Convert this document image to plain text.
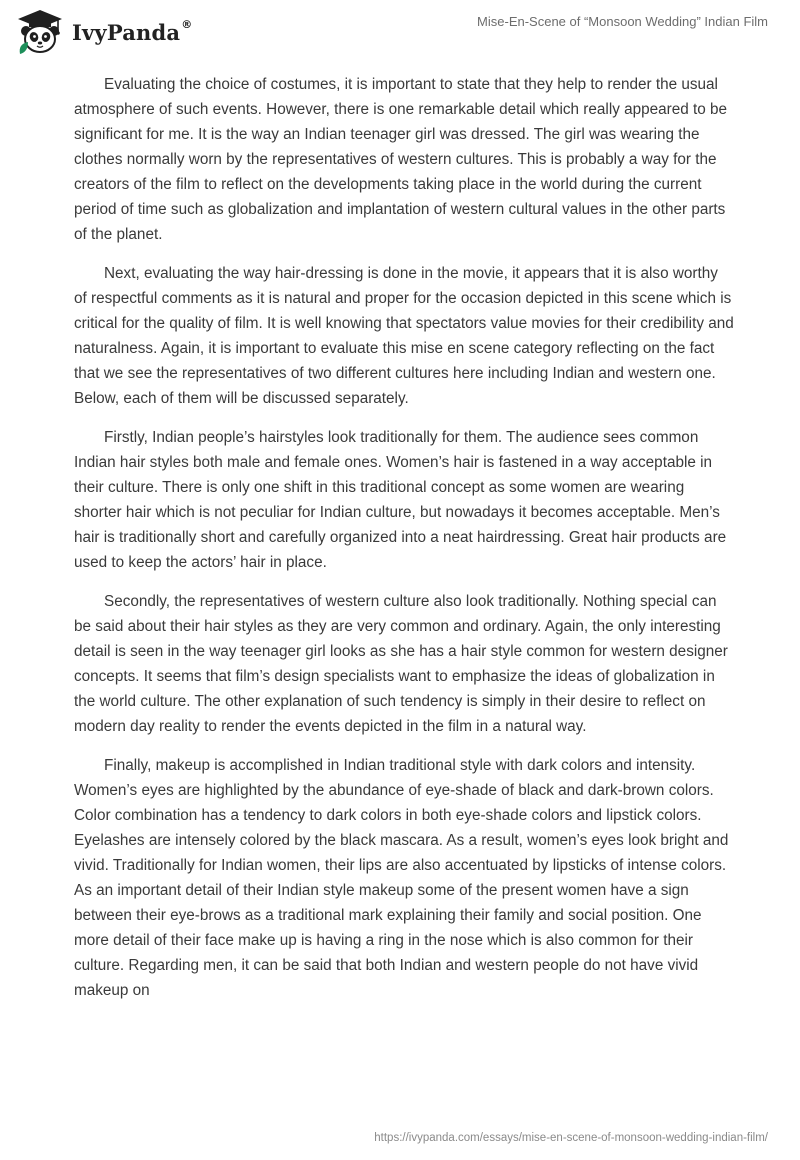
IvyPanda ®	Mise-En-Scene of “Monsoon Wedding” Indian Film

Evaluating the choice of costumes, it is important to state that they help to render the usual atmosphere of such events. However, there is one remarkable detail which really appeared to be significant for me. It is the way an Indian teenager girl was dressed. The girl was wearing the clothes normally worn by the representatives of western cultures. This is probably a way for the creators of the film to reflect on the developments taking place in the world during the current period of time such as globalization and implantation of western cultural values in the other parts of the planet.

Next, evaluating the way hair-dressing is done in the movie, it appears that it is also worthy of respectful comments as it is natural and proper for the occasion depicted in this scene which is critical for the quality of film. It is well knowing that spectators value movies for their credibility and naturalness. Again, it is important to evaluate this mise en scene category reflecting on the fact that we see the representatives of two different cultures here including Indian and western one. Below, each of them will be discussed separately.

Firstly, Indian people’s hairstyles look traditionally for them. The audience sees common Indian hair styles both male and female ones. Women’s hair is fastened in a way acceptable in their culture. There is only one shift in this traditional concept as some women are wearing shorter hair which is not peculiar for Indian culture, but nowadays it becomes acceptable. Men’s hair is traditionally short and carefully organized into a neat hairdressing. Great hair products are used to keep the actors’ hair in place.

Secondly, the representatives of western culture also look traditionally. Nothing special can be said about their hair styles as they are very common and ordinary. Again, the only interesting detail is seen in the way teenager girl looks as she has a hair style common for western designer concepts. It seems that film’s design specialists want to emphasize the ideas of globalization in the world culture. The other explanation of such tendency is simply in their desire to reflect on modern day reality to render the events depicted in the film in a natural way.

Finally, makeup is accomplished in Indian traditional style with dark colors and intensity. Women’s eyes are highlighted by the abundance of eye-shade of black and dark-brown colors. Color combination has a tendency to dark colors in both eye-shade colors and lipstick colors. Eyelashes are intensely colored by the black mascara. As a result, women’s eyes look bright and vivid. Traditionally for Indian women, their lips are also accentuated by lipsticks of intense colors. As an important detail of their Indian style makeup some of the present women have a sign between their eye-brows as a traditional mark explaining their family and social position. One more detail of their face make up is having a ring in the nose which is also common for their culture. Regarding men, it can be said that both Indian and western people do not have vivid makeup on

https://ivypanda.com/essays/mise-en-scene-of-monsoon-wedding-indian-film/
